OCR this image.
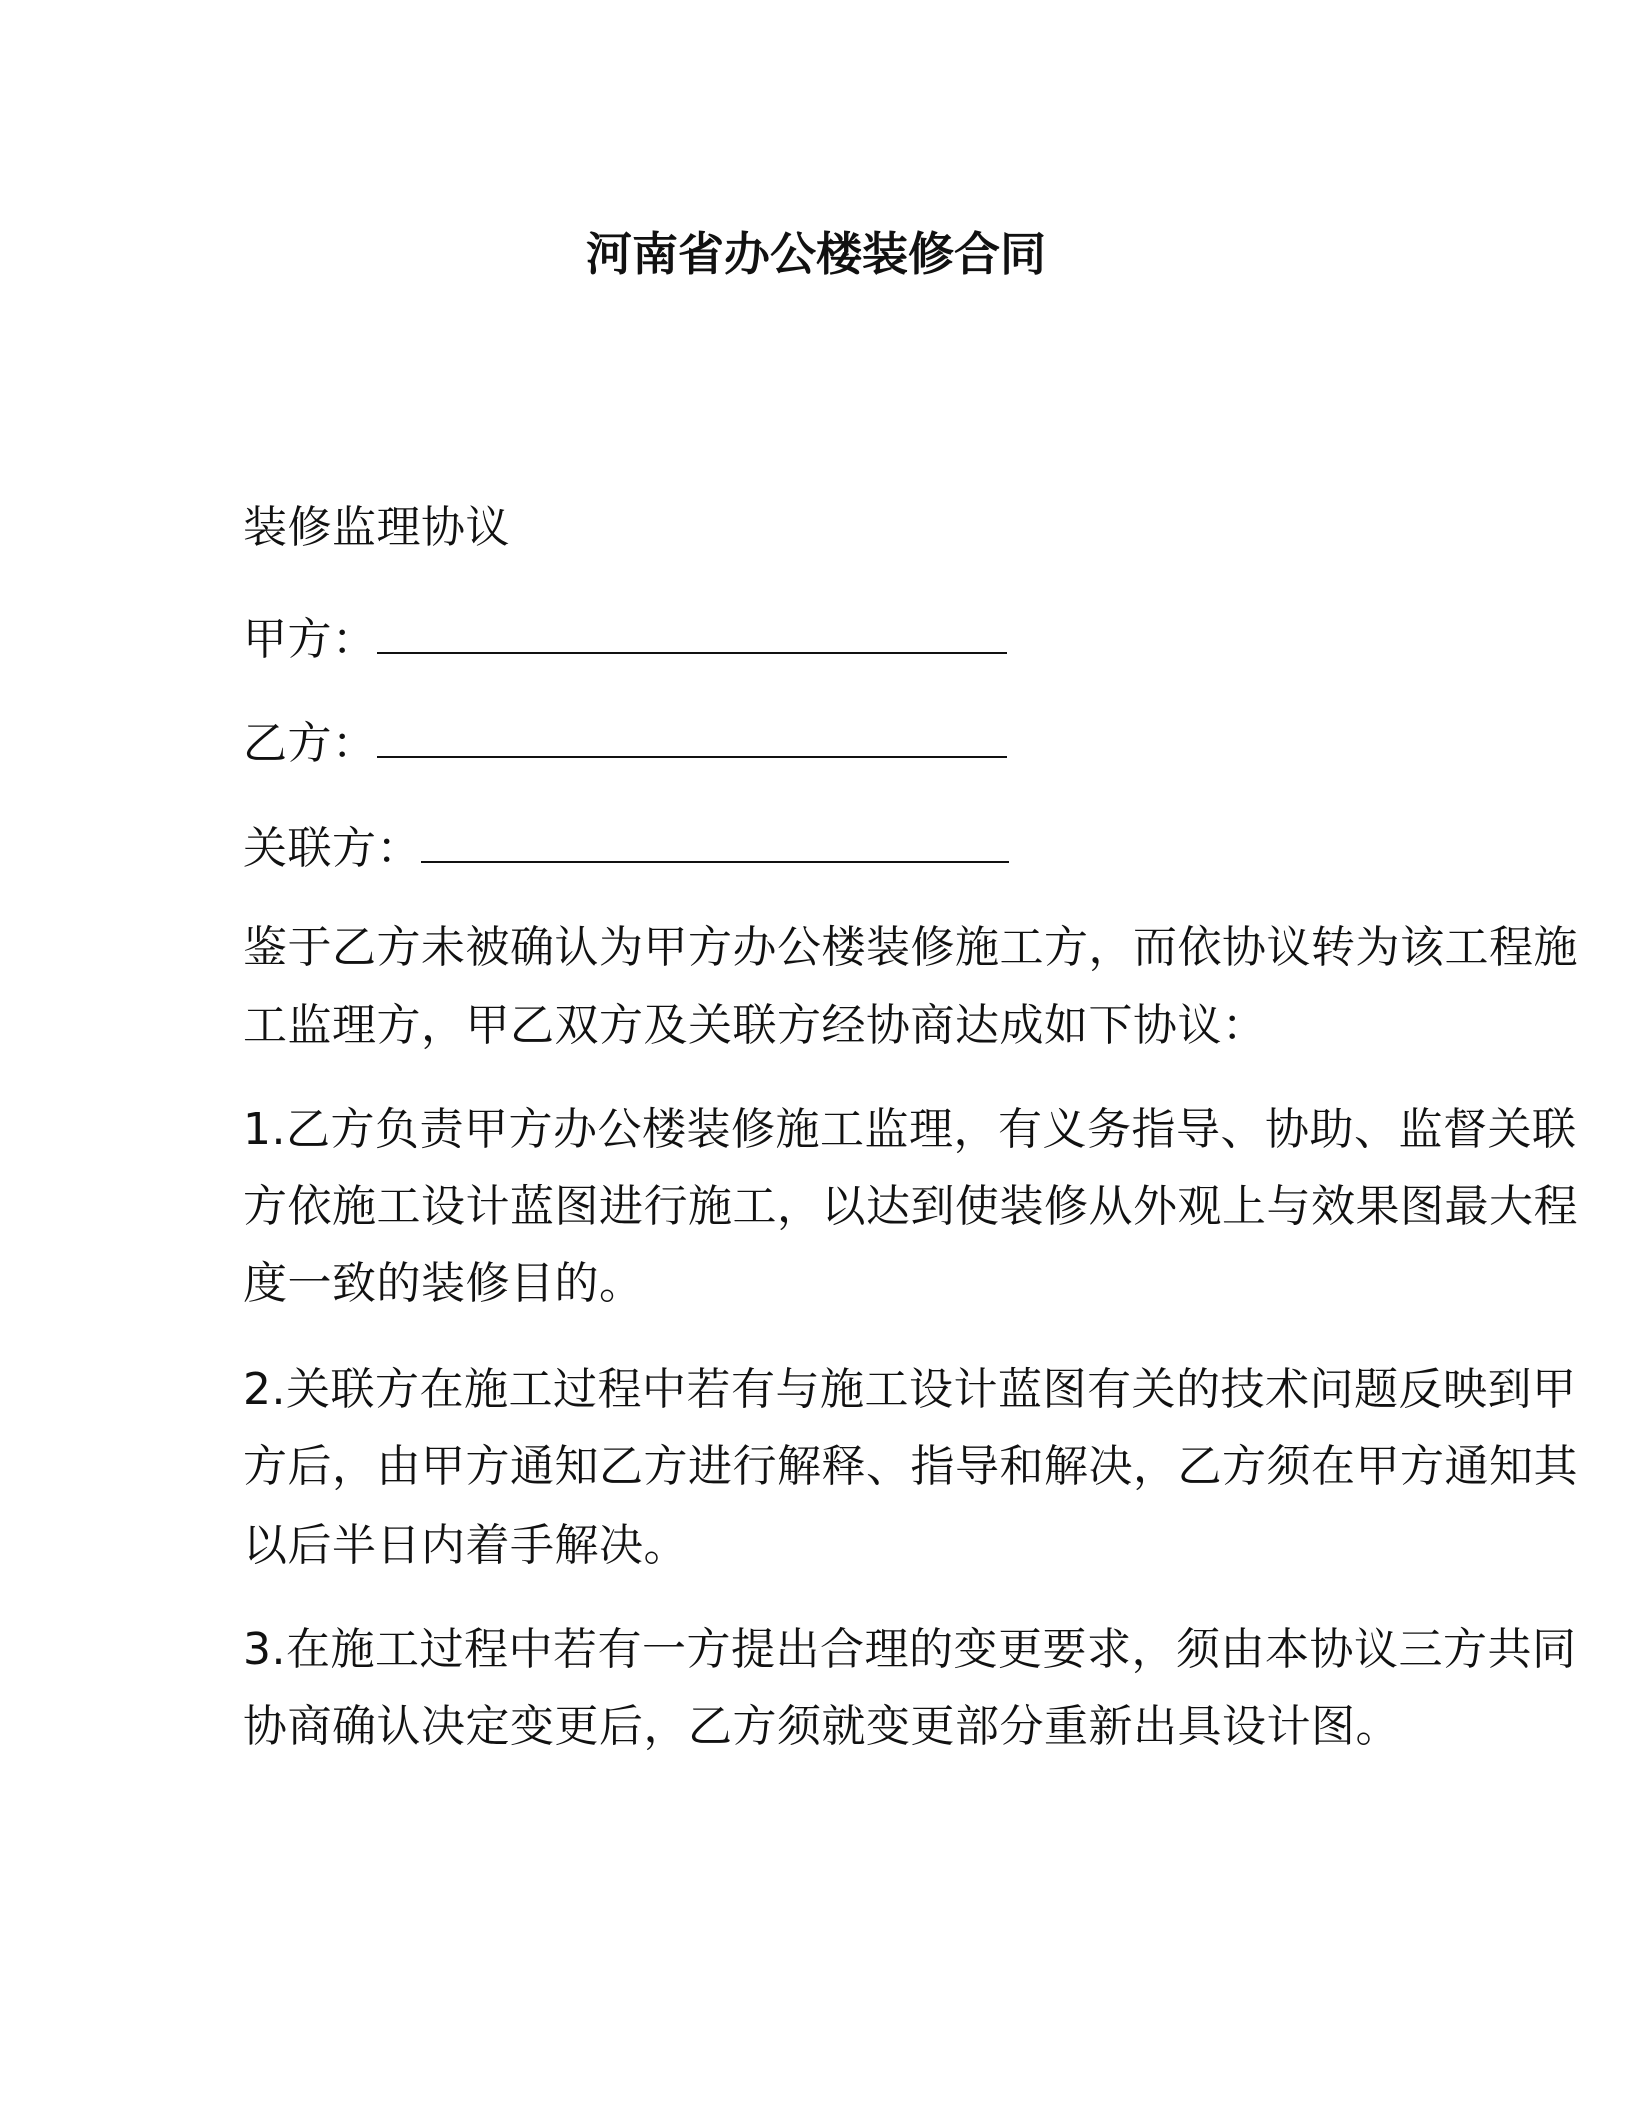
河南省办公楼装修合同
装修监理协议
甲方：
乙方：
关联方：
鉴于乙方未被确认为甲方办公楼装修施工方，而依协议转为该工程施
工监理方，甲乙双方及关联方经协商达成如下协议：
1.乙方负责甲方办公楼装修施工监理，有义务指导、协助、监督关联
方依施工设计蓝图进行施工，以达到使装修从外观上与效果图最大程
度一致的装修目的。
2.关联方在施工过程中若有与施工设计蓝图有关的技术问题反映到甲
方后，由甲方通知乙方进行解释、指导和解决，乙方须在甲方通知其
以后半日内着手解决。
3.在施工过程中若有一方提出合理的变更要求，须由本协议三方共同
协商确认决定变更后，乙方须就变更部分重新出具设计图。
